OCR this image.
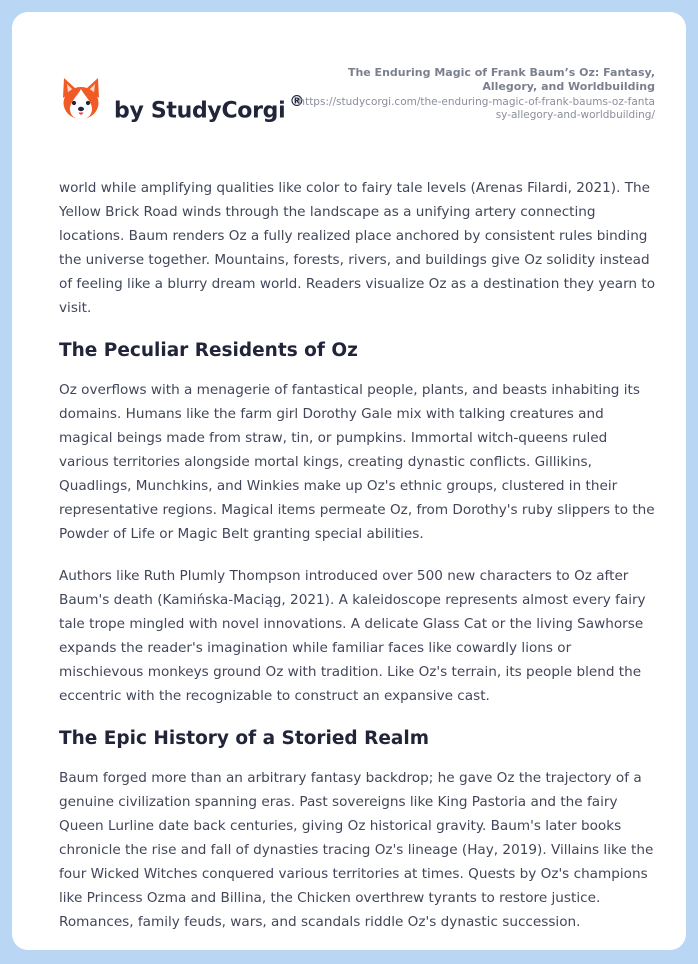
by StudyCorgi ®
The Enduring Magic of Frank Baum’s Oz: Fantasy, Allegory, and Worldbuilding
https://studycorgi.com/the-enduring-magic-of-frank-baums-oz-fantasy-allegory-and-worldbuilding/

world while amplifying qualities like color to fairy tale levels (Arenas Filardi, 2021). The Yellow Brick Road winds through the landscape as a unifying artery connecting locations. Baum renders Oz a fully realized place anchored by consistent rules binding the universe together. Mountains, forests, rivers, and buildings give Oz solidity instead of feeling like a blurry dream world. Readers visualize Oz as a destination they yearn to visit.

The Peculiar Residents of Oz

Oz overflows with a menagerie of fantastical people, plants, and beasts inhabiting its domains. Humans like the farm girl Dorothy Gale mix with talking creatures and magical beings made from straw, tin, or pumpkins. Immortal witch-queens ruled various territories alongside mortal kings, creating dynastic conflicts. Gillikins, Quadlings, Munchkins, and Winkies make up Oz's ethnic groups, clustered in their representative regions. Magical items permeate Oz, from Dorothy's ruby slippers to the Powder of Life or Magic Belt granting special abilities.

Authors like Ruth Plumly Thompson introduced over 500 new characters to Oz after Baum's death (Kamińska-Maciąg, 2021). A kaleidoscope represents almost every fairy tale trope mingled with novel innovations. A delicate Glass Cat or the living Sawhorse expands the reader's imagination while familiar faces like cowardly lions or mischievous monkeys ground Oz with tradition. Like Oz's terrain, its people blend the eccentric with the recognizable to construct an expansive cast.

The Epic History of a Storied Realm

Baum forged more than an arbitrary fantasy backdrop; he gave Oz the trajectory of a genuine civilization spanning eras. Past sovereigns like King Pastoria and the fairy Queen Lurline date back centuries, giving Oz historical gravity. Baum's later books chronicle the rise and fall of dynasties tracing Oz's lineage (Hay, 2019). Villains like the four Wicked Witches conquered various territories at times. Quests by Oz's champions like Princess Ozma and Billina, the Chicken overthrew tyrants to restore justice. Romances, family feuds, wars, and scandals riddle Oz's dynastic succession.
